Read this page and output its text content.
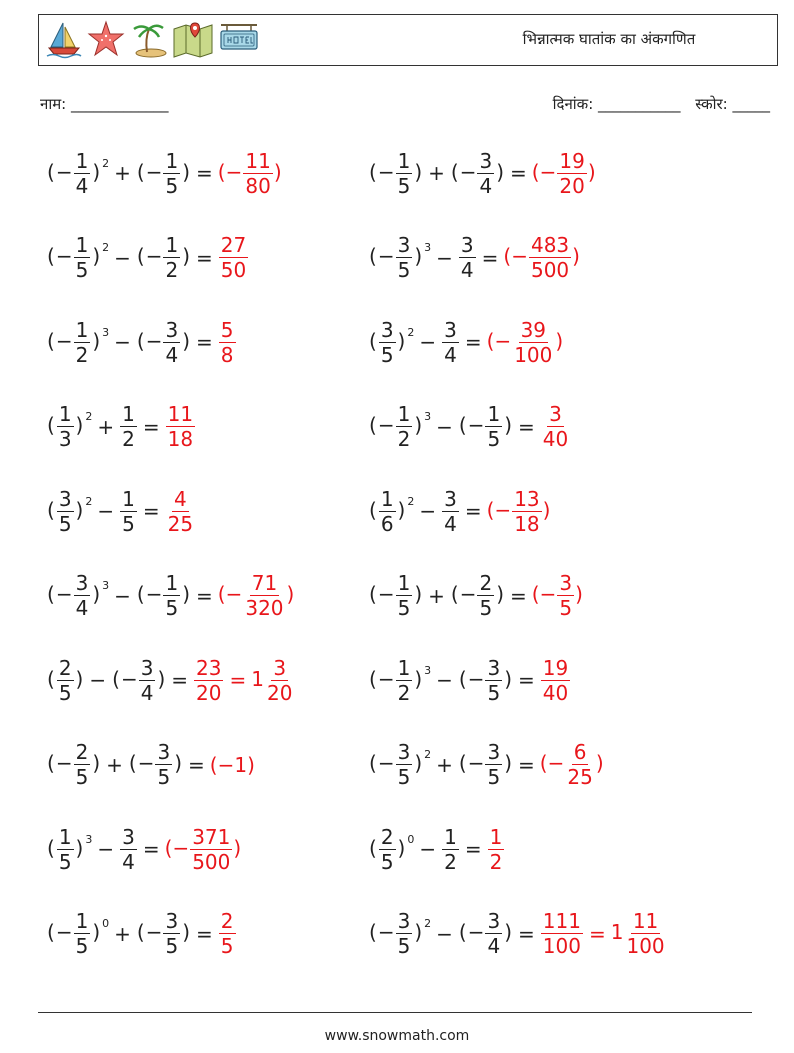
भिन्नात्मक घातांक का अंकगणित
नाम: _____________	दिनांक: ___________ स्कोर: _____
(− $\frac{1}{4}$ ) $^2$ + (− $\frac{1}{5}$ ) = (− $\frac{11}{80}$ )	(− $\frac{1}{5}$ ) + (− $\frac{3}{4}$ ) = (− $\frac{19}{20}$ )
(− $\frac{1}{5}$ ) $^2$ − (− $\frac{1}{2}$ ) = $\frac{27}{50}$	(− $\frac{3}{5}$ ) $^3 - \frac{3}{4}$ = (− $\frac{483}{500}$ )
(− $\frac{1}{2}$ ) $^3$ − (− $\frac{3}{4}$ ) = $\frac{5}{8}$	( $\frac{3}{5}$ ) $^2 - \frac{3}{4}$ = (− $\frac{39}{100}$ )
( $\frac{1}{3}$ ) $^2 + \frac{1}{2} = \frac{11}{18}$	(− $\frac{1}{2}$ ) $^3$ − (− $\frac{1}{5}$ ) = $\frac{3}{40}$
( $\frac{3}{5}$ ) $^2 - \frac{1}{5} = \frac{4}{25}$	( $\frac{1}{6}$ ) $^2 - \frac{3}{4}$ = (− $\frac{13}{18}$ )
(− $\frac{3}{4}$ ) $^3$ − (− $\frac{1}{5}$ ) = (− $\frac{71}{320}$ )	(− $\frac{1}{5}$ ) + (− $\frac{2}{5}$ ) = (− $\frac{3}{5}$ )
( $\frac{2}{5}$ ) − (− $\frac{3}{4}$ ) = $\frac{23}{20} = 1 \frac{3}{20}$	(− $\frac{1}{2}$ ) $^3$ − (− $\frac{3}{5}$ ) = $\frac{19}{40}$
(− $\frac{2}{5}$ ) + (− $\frac{3}{5}$ ) = (−1)	(− $\frac{3}{5}$ ) $^2$ + (− $\frac{3}{5}$ ) = (− $\frac{6}{25}$ )
( $\frac{1}{5}$ ) $^3 - \frac{3}{4}$ = (− $\frac{371}{500}$ )	( $\frac{2}{5}$ ) $^0 - \frac{1}{2} = \frac{1}{2}$
(− $\frac{1}{5}$ ) $^0$ + (− $\frac{3}{5}$ ) = $\frac{2}{5}$	(− $\frac{3}{5}$ ) $^2$ − (− $\frac{3}{4}$ ) = $\frac{111}{100} = 1 \frac{11}{100}$
www.snowmath.com
